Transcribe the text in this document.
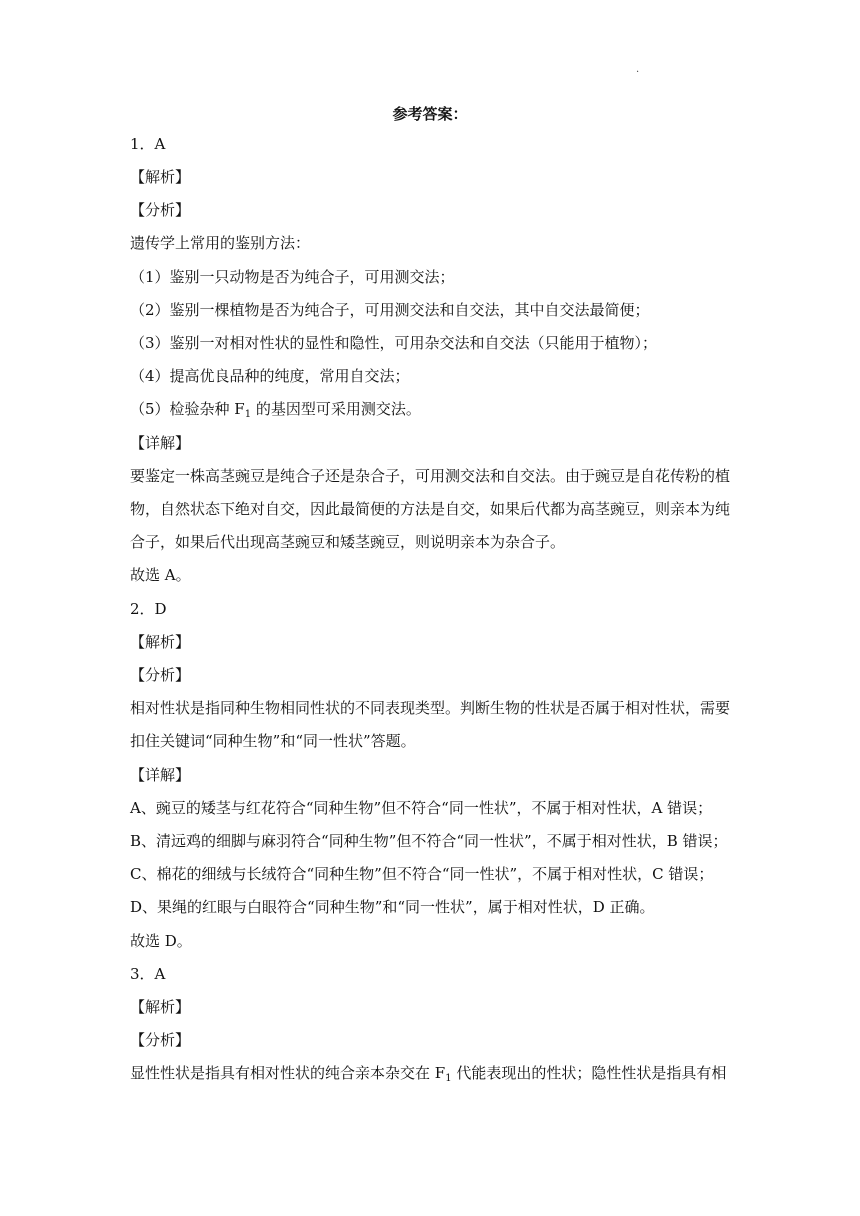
.
参考答案：
1．A
【解析】
【分析】
遗传学上常用的鉴别方法：
（1）鉴别一只动物是否为纯合子，可用测交法；
（2）鉴别一棵植物是否为纯合子，可用测交法和自交法，其中自交法最简便；
（3）鉴别一对相对性状的显性和隐性，可用杂交法和自交法（只能用于植物）；
（4）提高优良品种的纯度，常用自交法；
（5）检验杂种 $F_1$ 的基因型可采用测交法。
【详解】
要鉴定一株高茎豌豆是纯合子还是杂合子，可用测交法和自交法。由于豌豆是自花传粉的植
物，自然状态下绝对自交，因此最简便的方法是自交，如果后代都为高茎豌豆，则亲本为纯
合子，如果后代出现高茎豌豆和矮茎豌豆，则说明亲本为杂合子。
故选 A。
2．D
【解析】
【分析】
相对性状是指同种生物相同性状的不同表现类型。判断生物的性状是否属于相对性状，需要
扣住关键词“同种生物”和“同一性状”答题。
【详解】
A、豌豆的矮茎与红花符合“同种生物”但不符合“同一性状”，不属于相对性状，A 错误；
B、清远鸡的细脚与麻羽符合“同种生物”但不符合“同一性状”，不属于相对性状，B 错误；
C、棉花的细绒与长绒符合“同种生物”但不符合“同一性状”，不属于相对性状，C 错误；
D、果绳的红眼与白眼符合“同种生物”和“同一性状”，属于相对性状，D 正确。
故选 D。
3．A
【解析】
【分析】
显性性状是指具有相对性状的纯合亲本杂交在 $F_1$ 代能表现出的性状；隐性性状是指具有相
